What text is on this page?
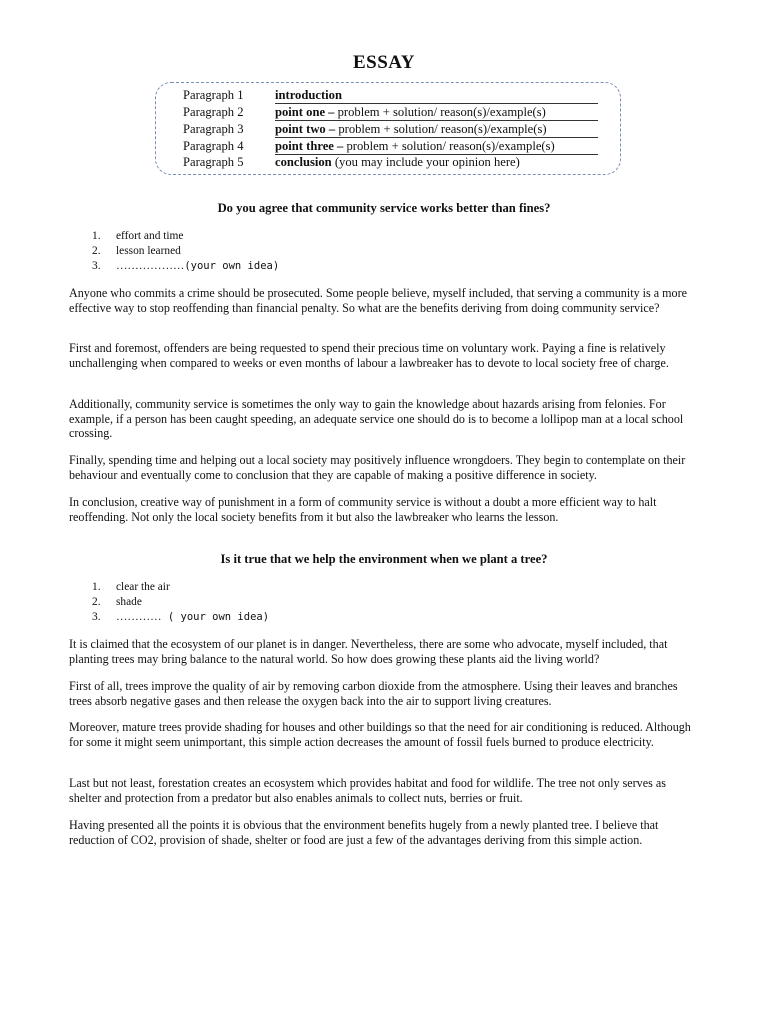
ESSAY
Paragraph 1	introduction
Paragraph 2	point one – problem + solution/ reason(s)/example(s)
Paragraph 3	point two – problem + solution/ reason(s)/example(s)
Paragraph 4	point three – problem + solution/ reason(s)/example(s)
Paragraph 5	conclusion (you may include your opinion here)
Do you agree that community service works better than fines?
1. effort and time
2. lesson learned
3. ………………(your own idea)

Anyone who commits a crime should be prosecuted. Some people believe, myself included, that serving a community is a more effective way to stop reoffending than financial penalty. So what are the benefits deriving from doing community service?

First and foremost, offenders are being requested to spend their precious time on voluntary work. Paying a fine is relatively unchallenging when compared to weeks or even months of labour a lawbreaker has to devote to local society free of charge.

Additionally, community service is sometimes the only way to gain the knowledge about hazards arising from felonies. For example, if a person has been caught speeding, an adequate service one should do is to become a lollipop man at a local school crossing.

Finally, spending time and helping out a local society may positively influence wrongdoers. They begin to contemplate on their behaviour and eventually come to conclusion that they are capable of making a positive difference in society.

In conclusion, creative way of punishment in a form of community service is without a doubt a more efficient way to halt reoffending. Not only the local society benefits from it but also the lawbreaker who learns the lesson.

Is it true that we help the environment when we plant a tree?
1. clear the air
2. shade
3. ………… ( your own idea)

It is claimed that the ecosystem of our planet is in danger. Nevertheless, there are some who advocate, myself included, that planting trees may bring balance to the natural world. So how does growing these plants aid the living world?

First of all, trees improve the quality of air by removing carbon dioxide from the atmosphere. Using their leaves and branches trees absorb negative gases and then release the oxygen back into the air to support living creatures.

Moreover, mature trees provide shading for houses and other buildings so that the need for air conditioning is reduced. Although for some it might seem unimportant, this simple action decreases the amount of fossil fuels burned to produce electricity.

Last but not least, forestation creates an ecosystem which provides habitat and food for wildlife. The tree not only serves as shelter and protection from a predator but also enables animals to collect nuts, berries or fruit.

Having presented all the points it is obvious that the environment benefits hugely from a newly planted tree. I believe that reduction of CO2, provision of shade, shelter or food are just a few of the advantages deriving from this simple action.
